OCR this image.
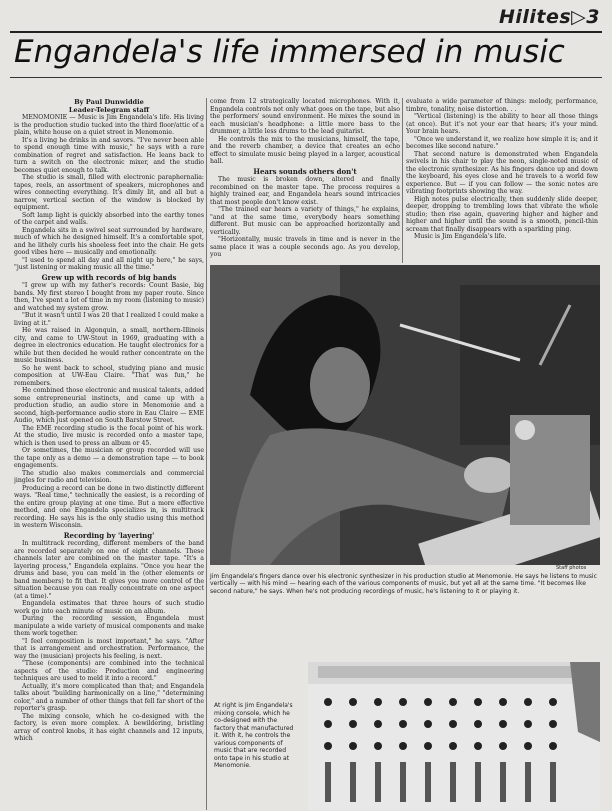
Hilites▷3
Engandela's life immersed in music
By Paul Dunwiddie
Leader-Telegram staff

MENOMONIE — Music is Jim Engandela's life. His living is the production studio tucked into the third floor/attic of a plain, white house on a quiet street in Menomonie.

It's a living he drinks in and savors. "I've never been able to spend enough time with music," he says with a rare combination of regret and satisfaction. He leans back to turn a switch on the electronic mixer, and the studio becomes quiet enough to talk.

The studio is small, filled with electronic paraphernalia: tapes, reels, an assortment of speakers, microphones and wires connecting everything. It's dimly lit, and all but a narrow, vertical section of the window is blocked by equipment.

Soft lamp light is quickly absorbed into the earthy tones of the carpet and walls.

Engandela sits in a swivel seat surrounded by hardware, much of which he designed himself. It's a comfortable spot, and he lithely curls his shoeless feet into the chair. He gets good vibes here — musically and emotionally.

"I used to spend all day and all night up here," he says, "just listening or making music all the time."

Grew up with records of big bands

"I grew up with my father's records: Count Basie, big bands. My first stereo I bought from my paper route. Since then, I've spent a lot of time in my room (listening to music) and watched my system grow.

"But it wasn't until I was 20 that I realized I could make a living at it."

He was raised in Algonquin, a small, northern-Illinois city, and came to UW-Stout in 1969, graduating with a degree in electronics education. He taught electronics for a while but then decided he would rather concentrate on the music business.

So he went back to school, studying piano and music composition at UW-Eau Claire. "That was fun," he remembers.

He combined those electronic and musical talents, added some entrepreneurial instincts, and came up with a production studio, an audio store in Menomonie and a second, high-performance audio store in Eau Claire — EME Audio, which just opened on South Barstow Street.

The EME recording studio is the focal point of his work. At the studio, live music is recorded onto a master tape, which is then used to press an album or 45.

Or sometimes, the musician or group recorded will use the tape only as a demo — a demonstration tape — to book engagements.

The studio also makes commercials and commercial jingles for radio and television.

Producing a record can be done in two distinctly different ways. "Real time," technically the easiest, is a recording of the entire group playing at one time. But a more effective method, and one Engandela specializes in, is multitrack recording. He says his is the only studio using this method in western Wisconsin.

Recording by 'layering'

In multitrack recording, different members of the band are recorded separately on one of eight channels. These channels later are combined on the master tape. "It's a layering process," Engandela explains. "Once you hear the drums and base, you can meld in the (other elements or band members) to fit that. It gives you more control of the situation because you can really concentrate on one aspect (at a time)."

Engandela estimates that three hours of such studio work go into each minute of music on an album.

During the recording session, Engandela must manipulate a wide variety of musical components and make them work together.

"I feel composition is most important," he says. "After that is arrangement and orchestration. Performance, the way the (musician) projects his feeling, is next.

"These (components) are combined into the technical aspects of the studio: Production and engineering techniques are used to meld it into a record."

Actually, it's more complicated than that; and Engandela talks about "building harmonically on a line," "determining color," and a number of other things that fell far short of the reporter's grasp.

The mixing console, which he co-designed with the factory, is even more complex. A bewildering, bristling array of control knobs, it has eight channels and 12 inputs, which

come from 12 strategically located microphones. With it, Engandela controls not only what goes on the tape, but also the performers' sound environment. He mixes the sound in each musician's headphone: a little more bass to the drummer, a little less drums to the lead guitarist.

He controls the mix to the musicians, himself, the tape, and the reverb chamber, a device that creates an echo effect to simulate music being played in a larger, acoustical hall.

Hears sounds others don't

The music is broken down, altered and finally recombined on the master tape. The process requires a highly trained ear, and Engandela hears sound intricacies that most people don't know exist.

"The trained ear hears a variety of things," he explains, "and at the same time, everybody hears something different. But music can be approached horizontally and vertically.

"Horizontally, music travels in time and is never in the same place it was a couple seconds ago. As you develop, you

evaluate a wide parameter of things: melody, performance, timbre, tonality, noise distortion. . .

"Vertical (listening) is the ability to hear all those things (at once). But it's not your ear that hears; it's your mind. Your brain hears.

"Once we understand it, we realize how simple it is; and it becomes like second nature."

That second nature is demonstrated when Engandela swivels in his chair to play the neon, single-noted music of the electronic synthesizer. As his fingers dance up and down the keyboard, his eyes close and he travels to a world few experience. But — if you can follow — the sonic notes are vibrating footprints showing the way.

High notes pulse electrically, then suddenly slide deeper, deeper, dropping to trembling lows that vibrate the whole studio; then rise again, quavering higher and higher and higher and higher until the sound is a smooth, pencil-thin scream that finally disappears with a sparkling ping.

Music is Jim Engandela's life.

Staff photos
Jim Engandela's fingers dance over his electronic synthesizer in his production studio at Menomonie. He says he listens to music vertically — with his mind — hearing each of the various components of music, but yet all at the same time. "It becomes like second nature," he says. When he's not producing recordings of music, he's listening to it or playing it.
At right is Jim Engandela's mixing console, which he co-designed with the factory that manufactured it. With it, he controls the various components of music that are recorded onto tape in his studio at Menomonie.
